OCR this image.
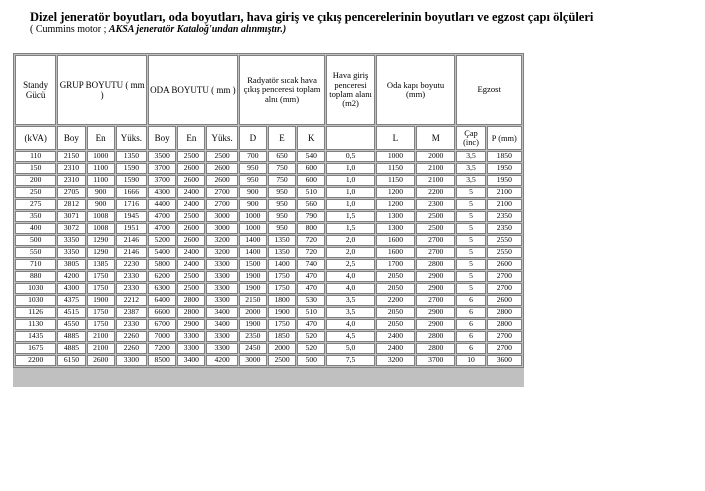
Dizel jeneratör boyutları, oda boyutları, hava giriş ve çıkış pencerelerinin boyutları ve egzost çapı ölçüleri
( Cummins motor ; AKSA jeneratör Kataloğ'undan alınmıştır.)
Standy Gücü	GRUP BOYUTU ( mm )			ODA BOYUTU ( mm )			Radyatör sıcak hava çıkış penceresi toplam alnı (mm)			Hava giriş penceresi toplam alanı (m2)	Oda kapı boyutu (mm)		Egzost	
(kVA)	Boy	En	Yüks.	Boy	En	Yüks.	D	E	K		L	M	Çap (inc)	P (mm)
110	2150	1000	1350	3500	2500	2500	700	650	540	0,5	1000	2000	3,5	1850
150	2310	1100	1590	3700	2600	2600	950	750	600	1,0	1150	2100	3,5	1950
200	2310	1100	1590	3700	2600	2600	950	750	600	1,0	1150	2100	3,5	1950
250	2705	900	1666	4300	2400	2700	900	950	510	1,0	1200	2200	5	2100
275	2812	900	1716	4400	2400	2700	900	950	560	1,0	1200	2300	5	2100
350	3071	1008	1945	4700	2500	3000	1000	950	790	1,5	1300	2500	5	2350
400	3072	1008	1951	4700	2600	3000	1000	950	800	1,5	1300	2500	5	2350
500	3350	1290	2146	5200	2600	3200	1400	1350	720	2,0	1600	2700	5	2550
550	3350	1290	2146	5400	2400	3200	1400	1350	720	2,0	1600	2700	5	2550
710	3805	1385	2230	5800	2400	3300	1500	1400	740	2,5	1700	2800	5	2600
880	4200	1750	2330	6200	2500	3300	1900	1750	470	4,0	2050	2900	5	2700
1030	4300	1750	2330	6300	2500	3300	1900	1750	470	4,0	2050	2900	5	2700
1030	4375	1900	2212	6400	2800	3300	2150	1800	530	3,5	2200	2700	6	2600
1126	4515	1750	2387	6600	2800	3400	2000	1900	510	3,5	2050	2900	6	2800
1130	4550	1750	2330	6700	2900	3400	1900	1750	470	4,0	2050	2900	6	2800
1435	4885	2100	2260	7000	3300	3300	2350	1850	520	4,5	2400	2800	6	2700
1675	4885	2100	2260	7200	3300	3300	2450	2000	520	5,0	2400	2800	6	2700
2200	6150	2600	3300	8500	3400	4200	3000	2500	500	7,5	3200	3700	10	3600
